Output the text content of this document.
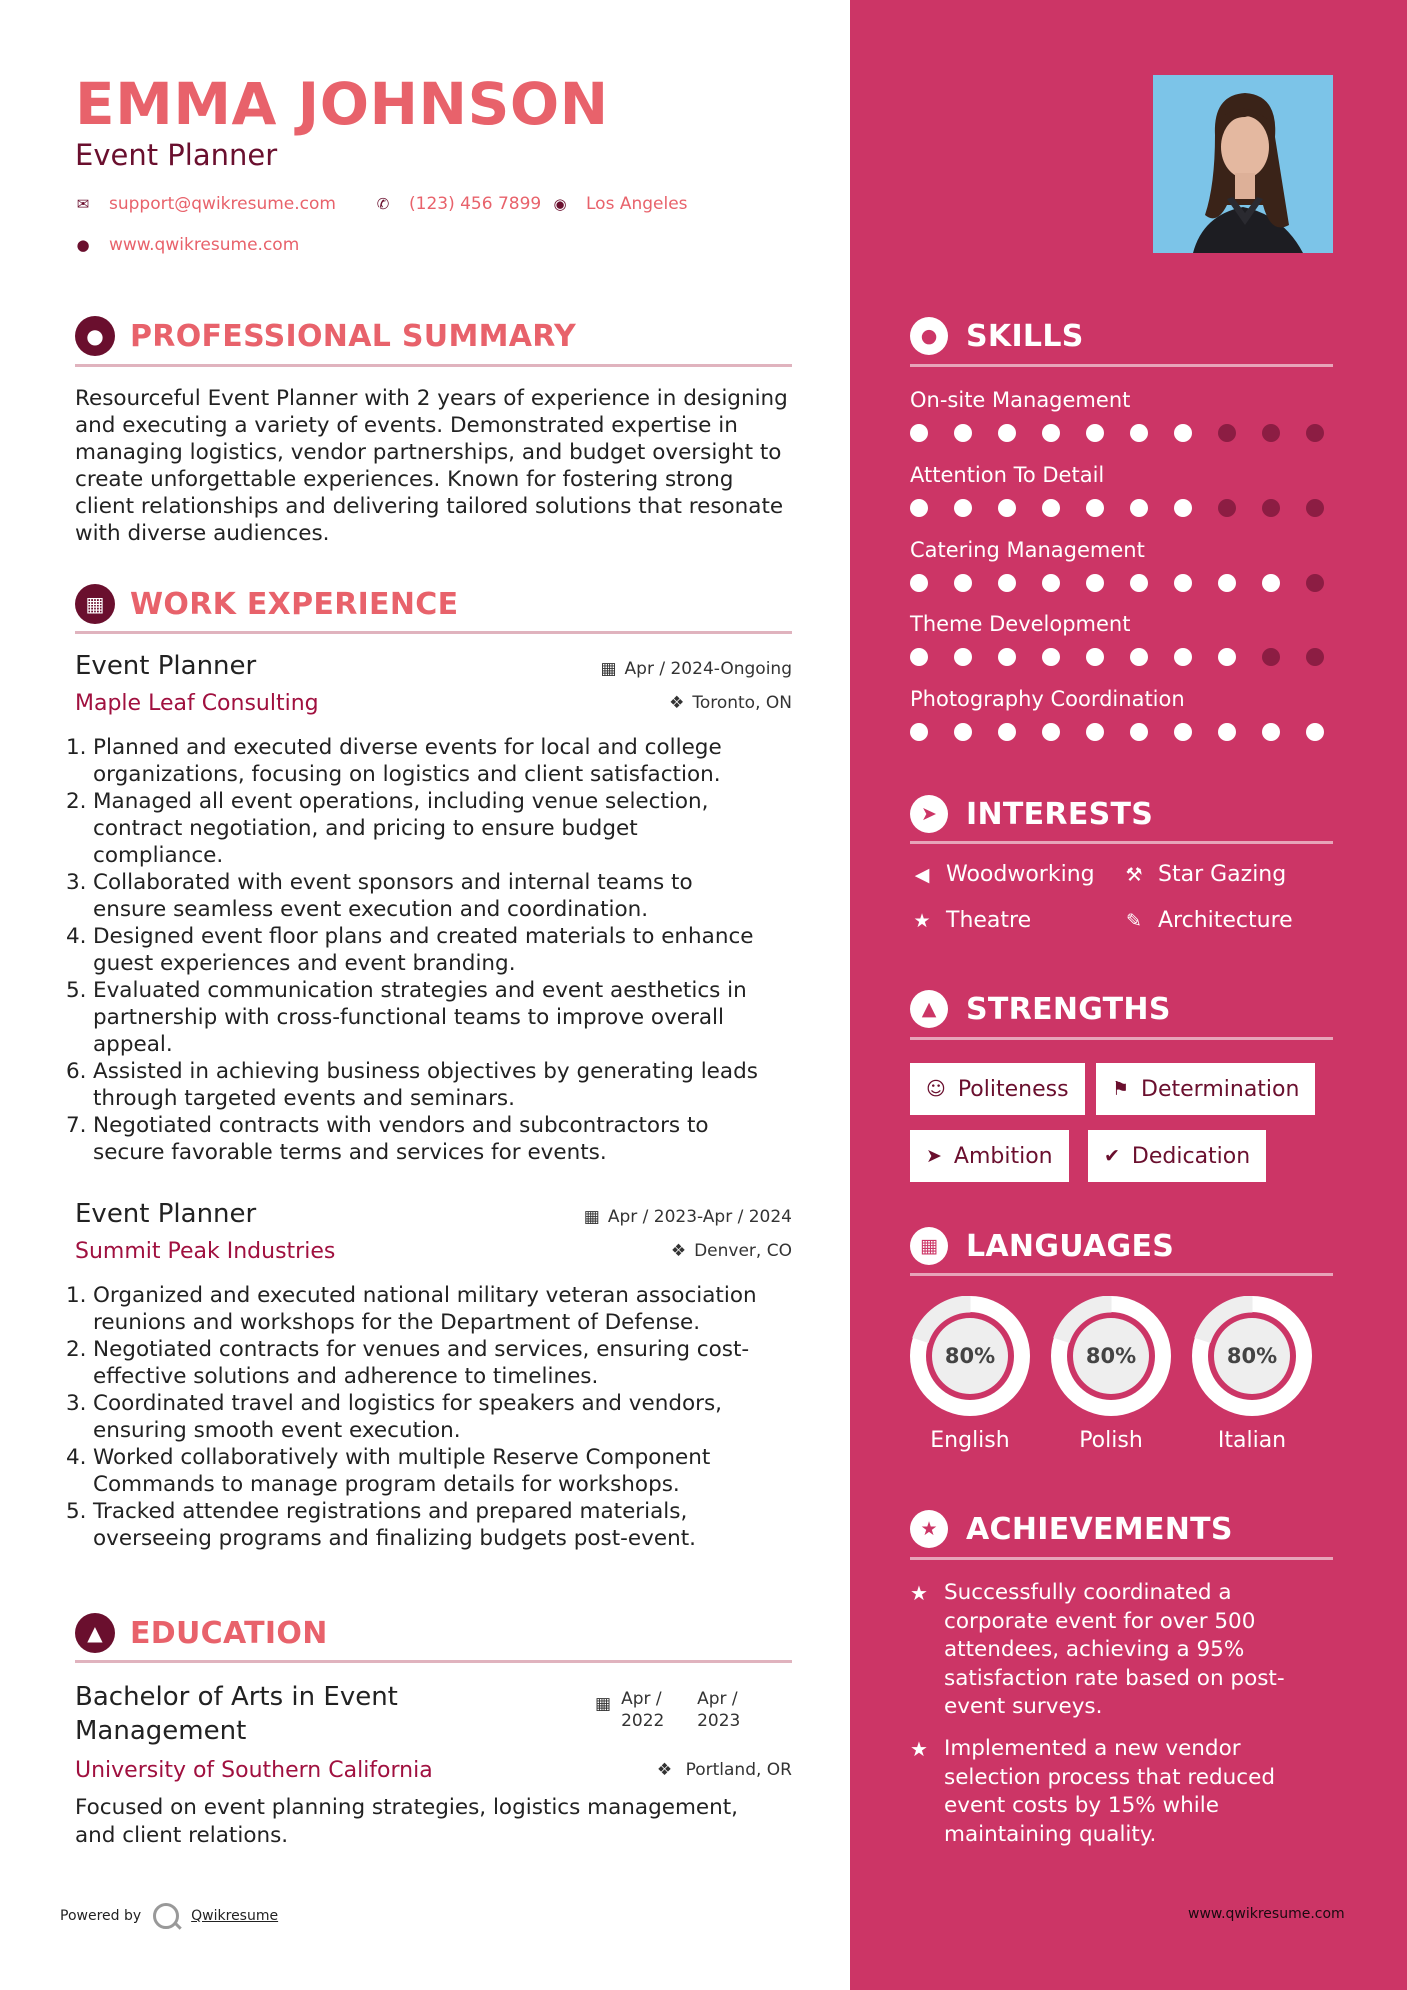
EMMA JOHNSON
Event Planner
✉ support@qwikresume.com	✆ (123) 456 7899 ◉ Los Angeles
● www.qwikresume.com
● PROFESSIONAL SUMMARY
Resourceful Event Planner with 2 years of experience in designing and executing a variety of events. Demonstrated expertise in managing logistics, vendor partnerships, and budget oversight to create unforgettable experiences. Known for fostering strong client relationships and delivering tailored solutions that resonate with diverse audiences.
▦ WORK EXPERIENCE
Event Planner	▦ Apr / 2024-Ongoing
Maple Leaf Consulting	❖ Toronto, ON
1. Planned and executed diverse events for local and college
organizations, focusing on logistics and client satisfaction.
2. Managed all event operations, including venue selection,
contract negotiation, and pricing to ensure budget
compliance.
3. Collaborated with event sponsors and internal teams to
ensure seamless event execution and coordination.
4. Designed event floor plans and created materials to enhance
guest experiences and event branding.
5. Evaluated communication strategies and event aesthetics in
partnership with cross-functional teams to improve overall
appeal.
6. Assisted in achieving business objectives by generating leads
through targeted events and seminars.
7. Negotiated contracts with vendors and subcontractors to
secure favorable terms and services for events.
Event Planner	▦ Apr / 2023-Apr / 2024
Summit Peak Industries	❖ Denver, CO
1. Organized and executed national military veteran association
reunions and workshops for the Department of Defense.
2. Negotiated contracts for venues and services, ensuring cost-
effective solutions and adherence to timelines.
3. Coordinated travel and logistics for speakers and vendors,
ensuring smooth event execution.
4. Worked collaboratively with multiple Reserve Component
Commands to manage program details for workshops.
5. Tracked attendee registrations and prepared materials,
overseeing programs and finalizing budgets post-event.
▲ EDUCATION
Bachelor of Arts in Event
Management
▦ Apr /
2022
Apr /
2023
University of Southern California	❖ Portland, OR
Focused on event planning strategies, logistics management,
and client relations.
Powered by	Qwikresume
● SKILLS
On-site Management
Attention To Detail
Catering Management
Theme Development
Photography Coordination
➤ INTERESTS
◀ Woodworking ⚒ Star Gazing
★ Theatre	✎ Architecture
▲ STRENGTHS
☺ Politeness ⚑ Determination
➤ Ambition	✔ Dedication
▦ LANGUAGES
80%
English
80%
Polish
80%
Italian
★ ACHIEVEMENTS
★ Successfully coordinated a
corporate event for over 500
attendees, achieving a 95%
satisfaction rate based on post-
event surveys.
★ Implemented a new vendor
selection process that reduced
event costs by 15% while
maintaining quality.
www.qwikresume.com
